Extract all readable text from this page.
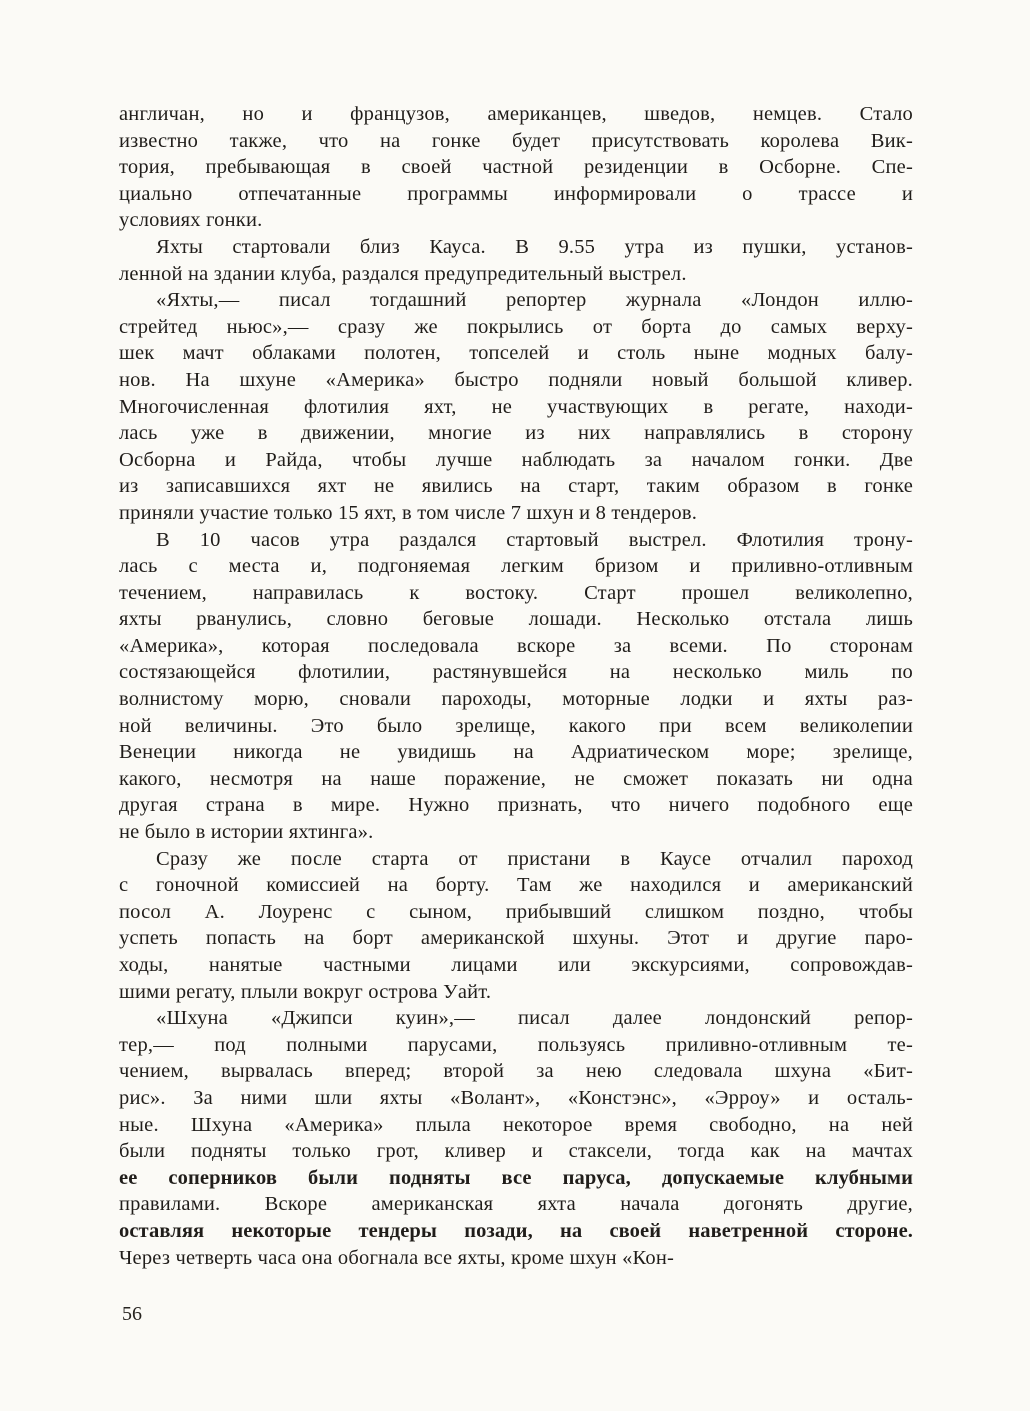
англичан, но и французов, американцев, шведов, немцев. Стало
известно также, что на гонке будет присутствовать королева Вик-
тория, пребывающая в своей частной резиденции в Осборне. Спе-
циально отпечатанные программы информировали о трассе и
условиях гонки.

Яхты стартовали близ Кауса. В 9.55 утра из пушки, установ-
ленной на здании клуба, раздался предупредительный выстрел.

«Яхты,— писал тогдашний репортер журнала «Лондон иллю-
стрейтед ньюс»,— сразу же покрылись от борта до самых верху-
шек мачт облаками полотен, топселей и столь ныне модных балу-
нов. На шхуне «Америка» быстро подняли новый большой кливер.
Многочисленная флотилия яхт, не участвующих в регате, находи-
лась уже в движении, многие из них направлялись в сторону
Осборна и Райда, чтобы лучше наблюдать за началом гонки. Две
из записавшихся яхт не явились на старт, таким образом в гонке
приняли участие только 15 яхт, в том числе 7 шхун и 8 тендеров.

В 10 часов утра раздался стартовый выстрел. Флотилия трону-
лась с места и, подгоняемая легким бризом и приливно-отливным
течением, направилась к востоку. Старт прошел великолепно,
яхты рванулись, словно беговые лошади. Несколько отстала лишь
«Америка», которая последовала вскоре за всеми. По сторонам
состязающейся флотилии, растянувшейся на несколько миль по
волнистому морю, сновали пароходы, моторные лодки и яхты раз-
ной величины. Это было зрелище, какого при всем великолепии
Венеции никогда не увидишь на Адриатическом море; зрелище,
какого, несмотря на наше поражение, не сможет показать ни одна
другая страна в мире. Нужно признать, что ничего подобного еще
не было в истории яхтинга».

Сразу же после старта от пристани в Каусе отчалил пароход
с гоночной комиссией на борту. Там же находился и американский
посол А. Лоуренс с сыном, прибывший слишком поздно, чтобы
успеть попасть на борт американской шхуны. Этот и другие паро-
ходы, нанятые частными лицами или экскурсиями, сопровождав-
шими регату, плыли вокруг острова Уайт.

«Шхуна «Джипси куин»,— писал далее лондонский репор-
тер,— под полными парусами, пользуясь приливно-отливным те-
чением, вырвалась вперед; второй за нею следовала шхуна «Бит-
рис». За ними шли яхты «Волант», «Констэнс», «Эрроу» и осталь-
ные. Шхуна «Америка» плыла некоторое время свободно, на ней
были подняты только грот, кливер и стаксели, тогда как на мачтах
ее соперников были подняты все паруса, допускаемые клубными
правилами. Вскоре американская яхта начала догонять другие,
оставляя некоторые тендеры позади, на своей наветренной стороне.
Через четверть часа она обогнала все яхты, кроме шхун «Кон-

56
